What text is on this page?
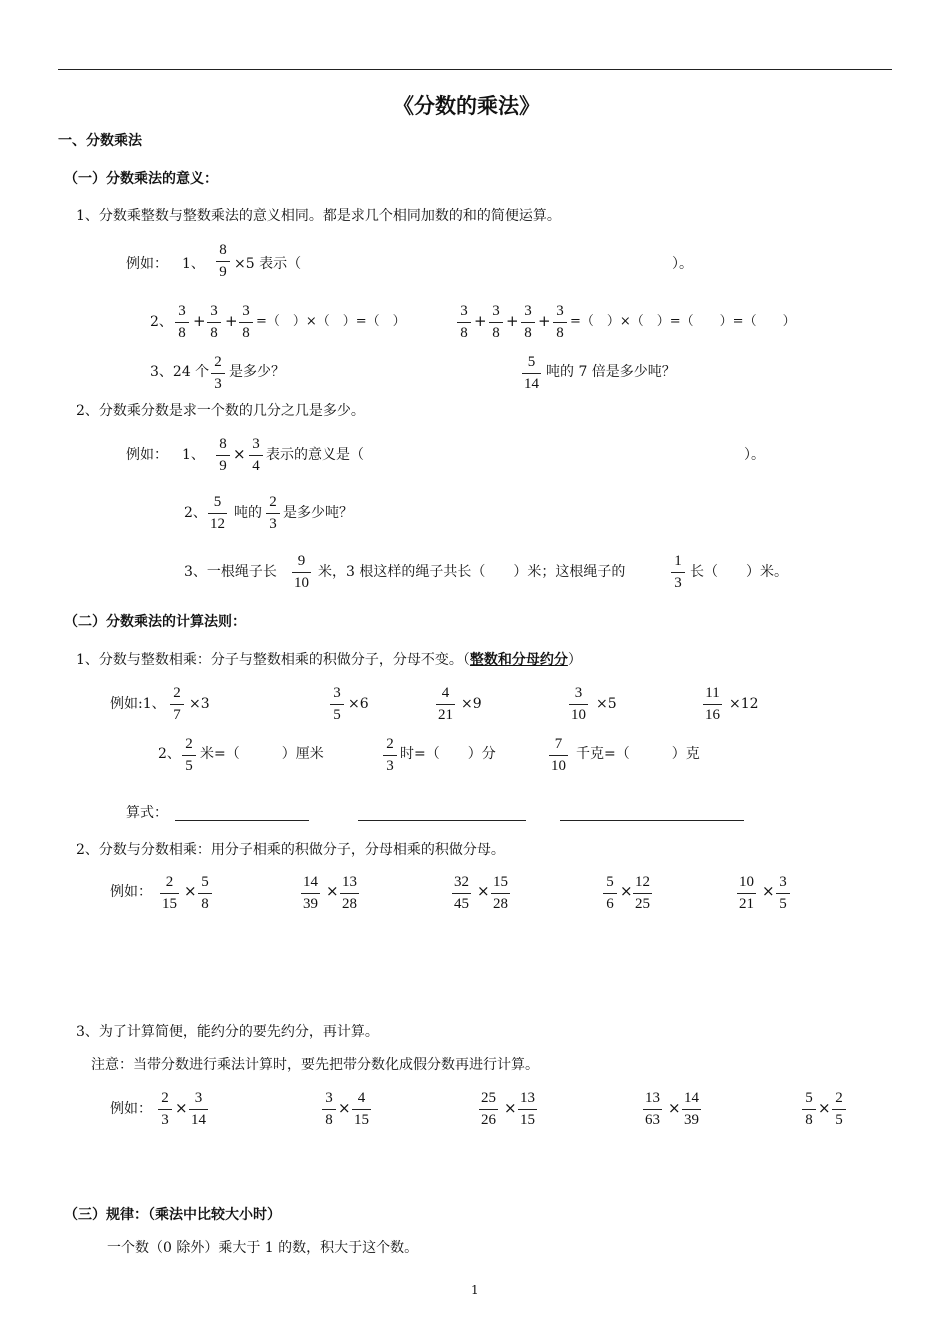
《分数的乘法》
一、分数乘法
（一）分数乘法的意义：
1、分数乘整数与整数乘法的意义相同。都是求几个相同加数的和的简便运算。
例如： 1、 $\frac{8}{9} \times 5$ 表示（	）。
2、 $\frac{3}{8} + \frac{3}{8} + \frac{3}{8}$ =（　）×（　）=（　）	$\frac{3}{8} + \frac{3}{8} + \frac{3}{8} + \frac{3}{8}$ =（　）×（　）=（　　）=（　　）
3、24 个 $\frac{2}{3}$ 是多少？	$\frac{5}{14}$ 吨的 7 倍是多少吨？
2、分数乘分数是求一个数的几分之几是多少。
例如： 1、 $\frac{8}{9} \times \frac{3}{4}$ 表示的意义是（	）。
2、 $\frac{5}{12}$ 吨的 $\frac{2}{3}$ 是多少吨？
3、一根绳子长 $\frac{9}{10}$ 米，3 根这样的绳子共长（　　）米；这根绳子的	$\frac{1}{3}$ 长（　　）米。
（二）分数乘法的计算法则：
1、分数与整数相乘：分子与整数相乘的积做分子，分母不变。（整数和分母约分）
例如:1、 $\frac{2}{7} \times 3$	$\frac{3}{5} \times 6$	$\frac{4}{21} \times 9$	$\frac{3}{10} \times 5$	$\frac{11}{16} \times 12$
2、 $\frac{2}{5}$ 米=（　　　）厘米	$\frac{2}{3}$ 时=（　　）分	$\frac{7}{10}$ 千克=（　　　）克
算式：
2、分数与分数相乘：用分子相乘的积做分子，分母相乘的积做分母。
例如： $\frac{2}{15} \times \frac{5}{8}$	$\frac{14}{39} \times \frac{13}{28}$	$\frac{32}{45} \times \frac{15}{28}$	$\frac{5}{6} \times \frac{12}{25}$	$\frac{10}{21} \times \frac{3}{5}$
3、为了计算简便，能约分的要先约分，再计算。
注意：当带分数进行乘法计算时，要先把带分数化成假分数再进行计算。
例如： $\frac{2}{3} \times \frac{3}{14}$	$\frac{3}{8} \times \frac{4}{15}$	$\frac{25}{26} \times \frac{13}{15}$	$\frac{13}{63} \times \frac{14}{39}$	$\frac{5}{8} \times \frac{2}{5}$
（三）规律：（乘法中比较大小时）
一个数（0 除外）乘大于 1 的数，积大于这个数。
1
